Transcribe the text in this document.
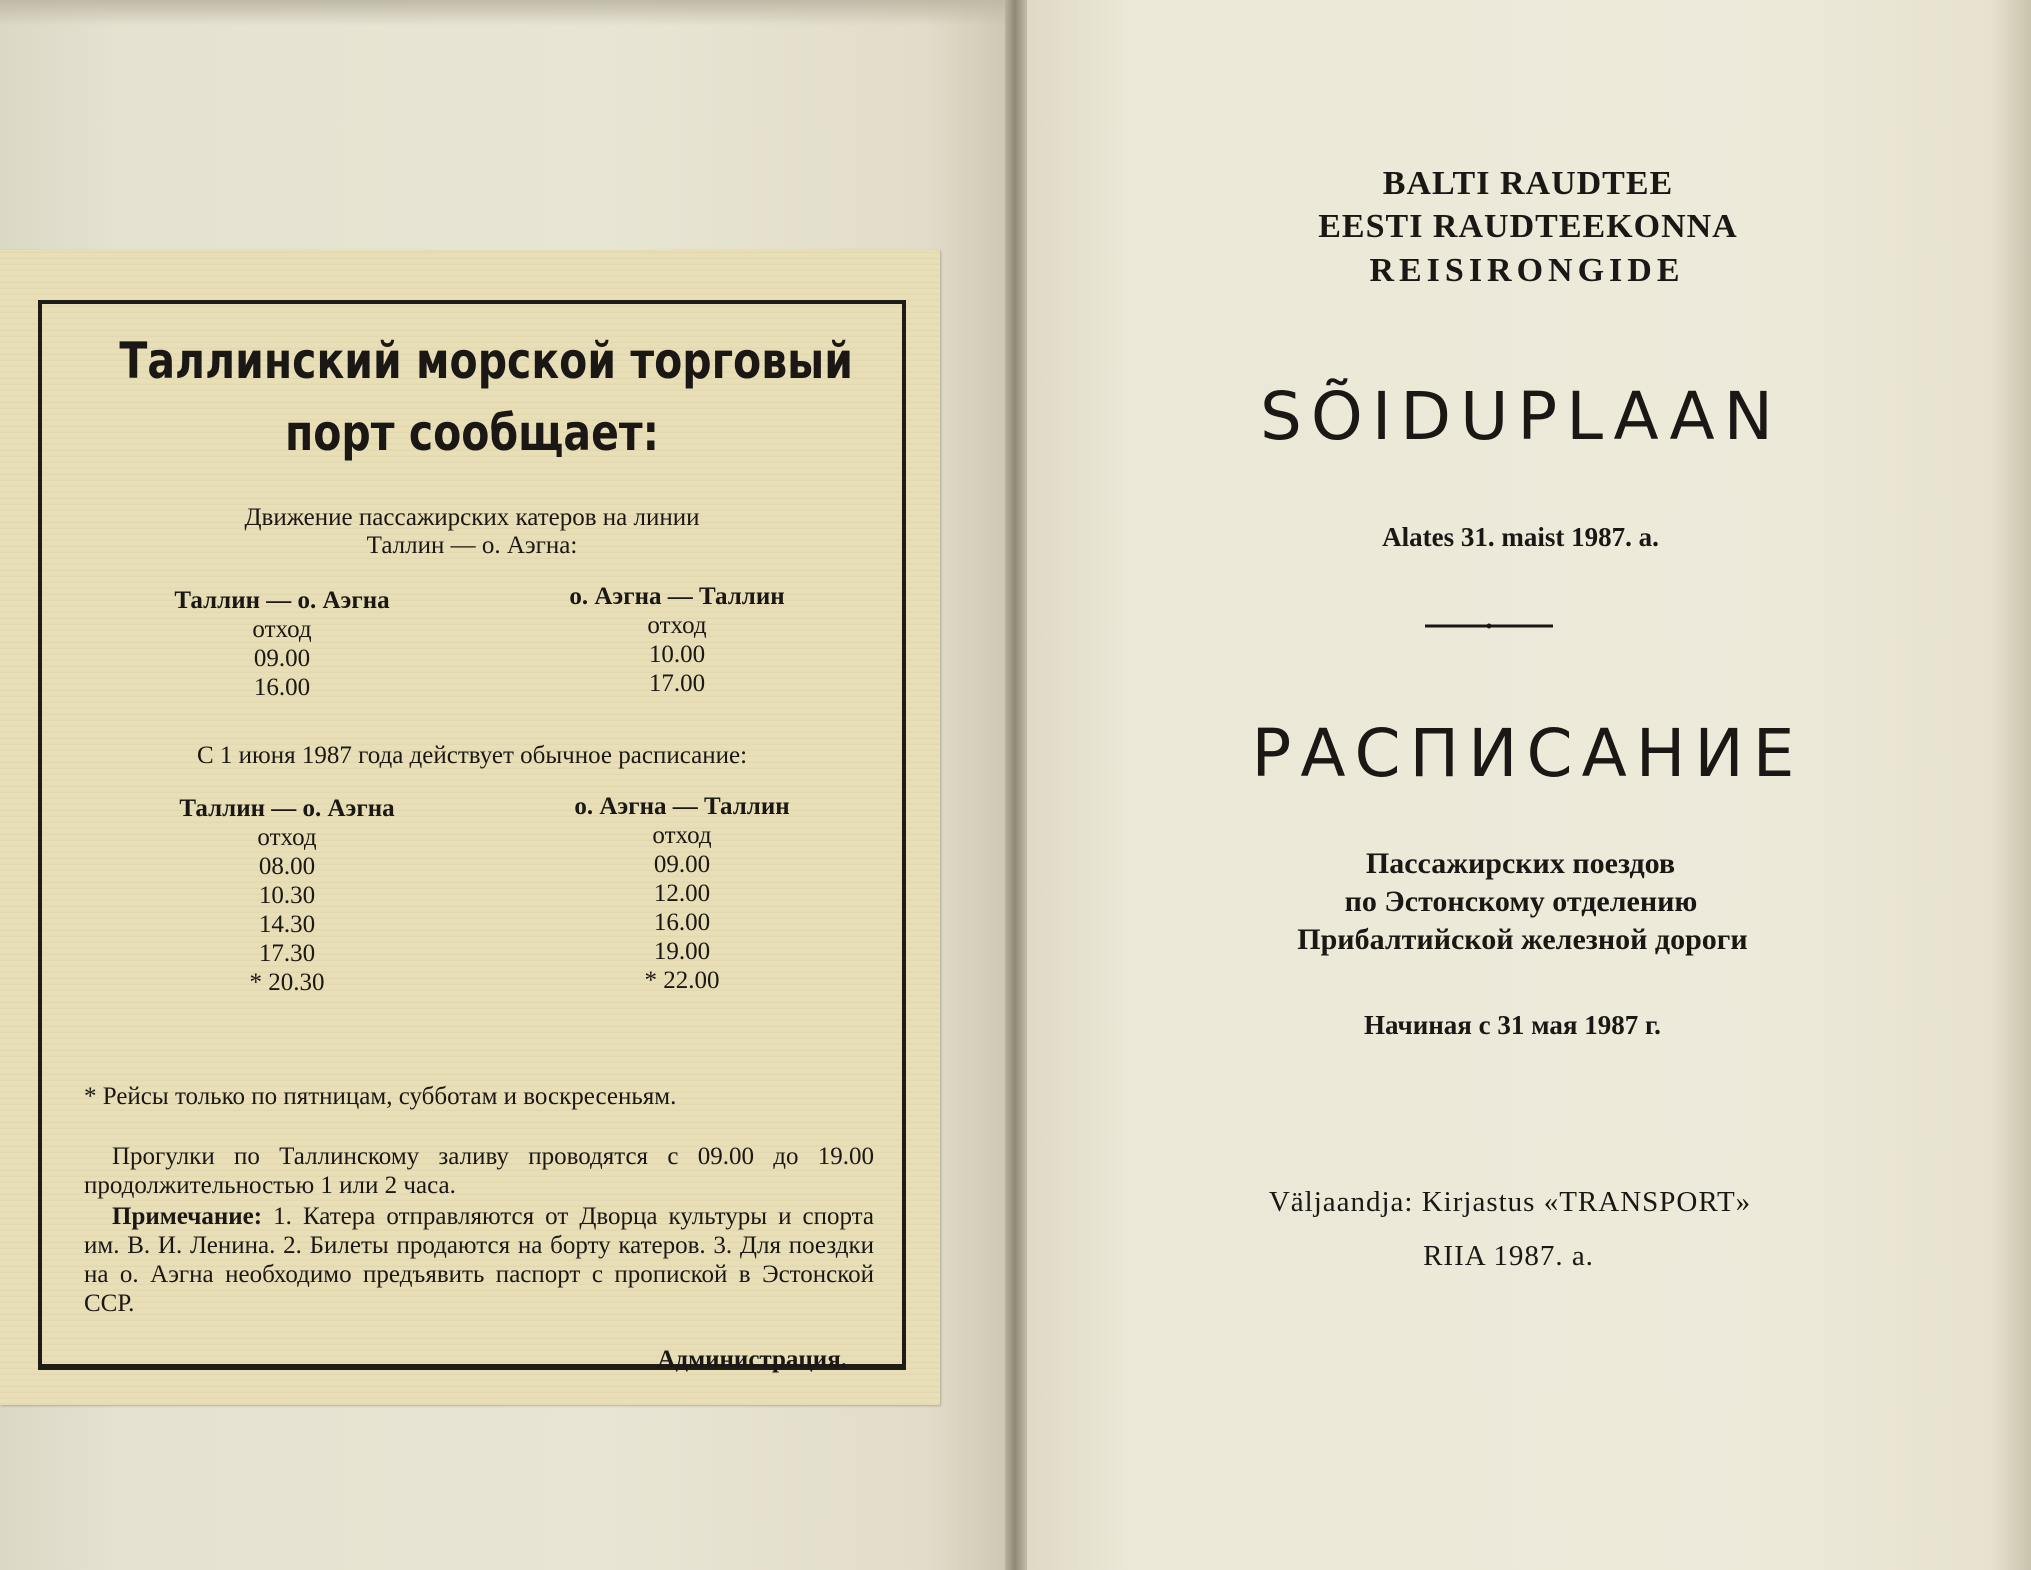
Таллинский морской торговый
порт сообщает:
Движение пассажирских катеров на линии
Таллин — о. Аэгна:
Таллин — о. Аэгна
отход
09.00
16.00
о. Аэгна — Таллин
отход
10.00
17.00
С 1 июня 1987 года действует обычное расписание:
Таллин — о. Аэгна
отход
08.00
10.30
14.30
17.30
* 20.30
о. Аэгна — Таллин
отход
09.00
12.00
16.00
19.00
* 22.00
* Рейсы только по пятницам, субботам и воскресеньям.
Прогулки по Таллинскому заливу проводятся с 09.00 до 19.00 продолжительностью 1 или 2 часа.
Примечание: 1. Катера отправляются от Дворца культуры и спорта им. В. И. Ленина. 2. Билеты продаются на борту катеров. 3. Для поездки на о. Аэгна необходимо предъявить паспорт с пропиской в Эстонской ССР.
Администрация.
BALTI RAUDTEE
EESTI RAUDTEEKONNA
REISIRONGIDE
SÕIDUPLAAN
Alates 31. maist 1987. a.
РАСПИСАНИЕ
Пассажирских поездов
по Эстонскому отделению
Прибалтийской железной дороги
Начиная с 31 мая 1987 г.
Väljaandja: Kirjastus «TRANSPORT»
RIIA 1987. a.
